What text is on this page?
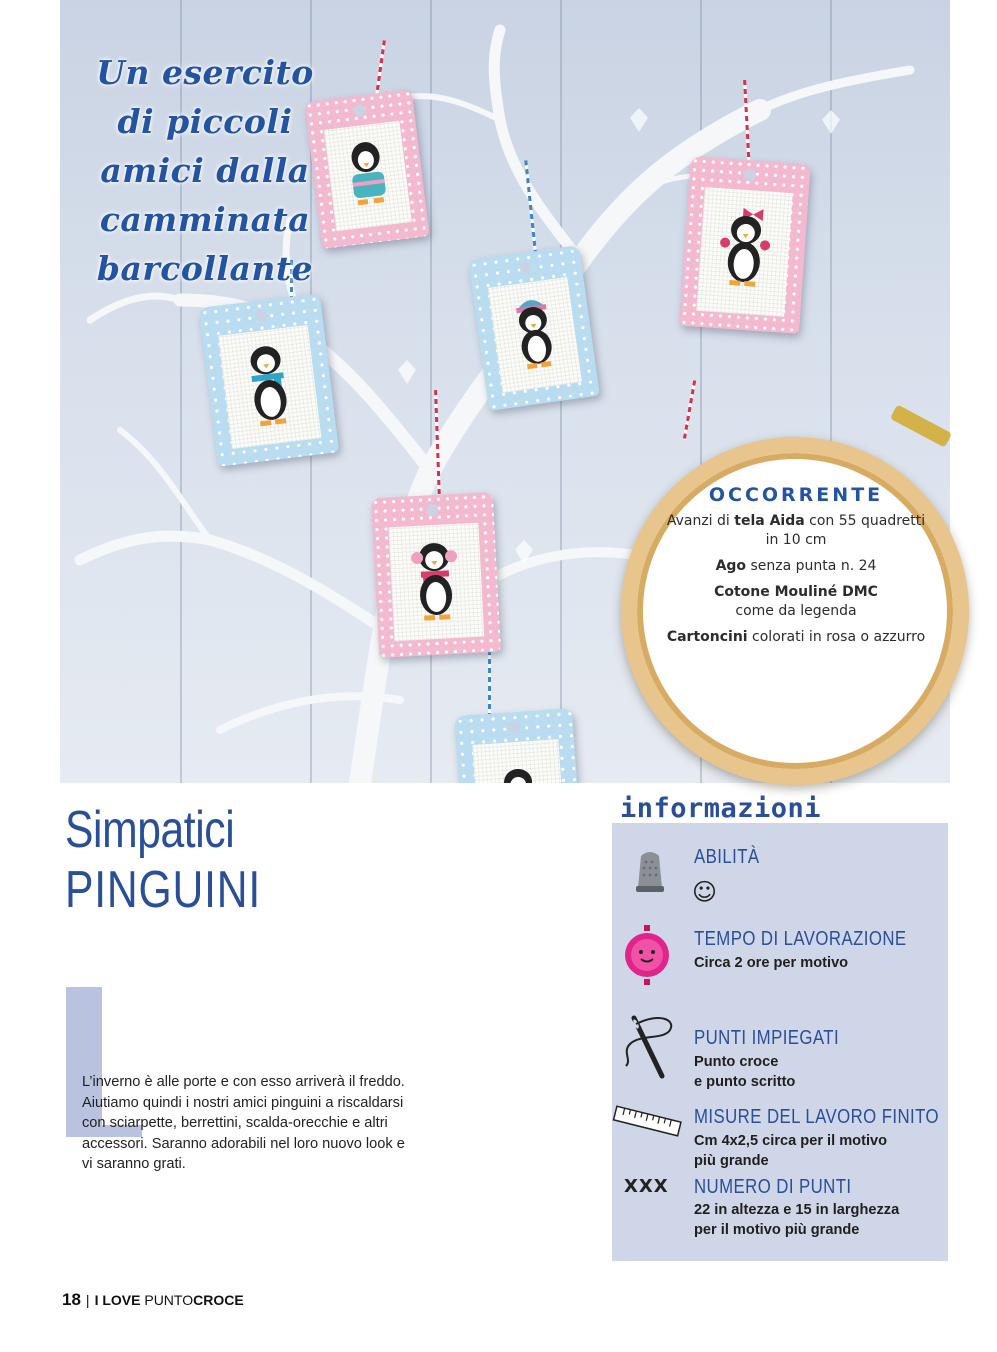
Un esercito
di piccoli
amici dalla
camminata
barcollante
OCCORRENTE
Avanzi di tela Aida con 55 quadretti in 10 cm
Ago senza punta n. 24
Cotone Mouliné DMC
come da legenda
Cartoncini colorati in rosa o azzurro
Simpatici
PINGUINI
L’inverno è alle porte e con esso arriverà il freddo. Aiutiamo quindi i nostri amici pinguini a riscaldarsi con sciarpette, berrettini, scalda-orecchie e altri accessori. Saranno adorabili nel loro nuovo look e vi saranno grati.
informazioni
ABILITÀ
☺
TEMPO DI LAVORAZIONE
Circa 2 ore per motivo
PUNTI IMPIEGATI
Punto croce
e punto scritto
MISURE DEL LAVORO FINITO
Cm 4x2,5 circa per il motivo
più grande
XXX NUMERO DI PUNTI
22 in altezza e 15 in larghezza
per il motivo più grande
18 | I LOVE PUNTOCROCE
